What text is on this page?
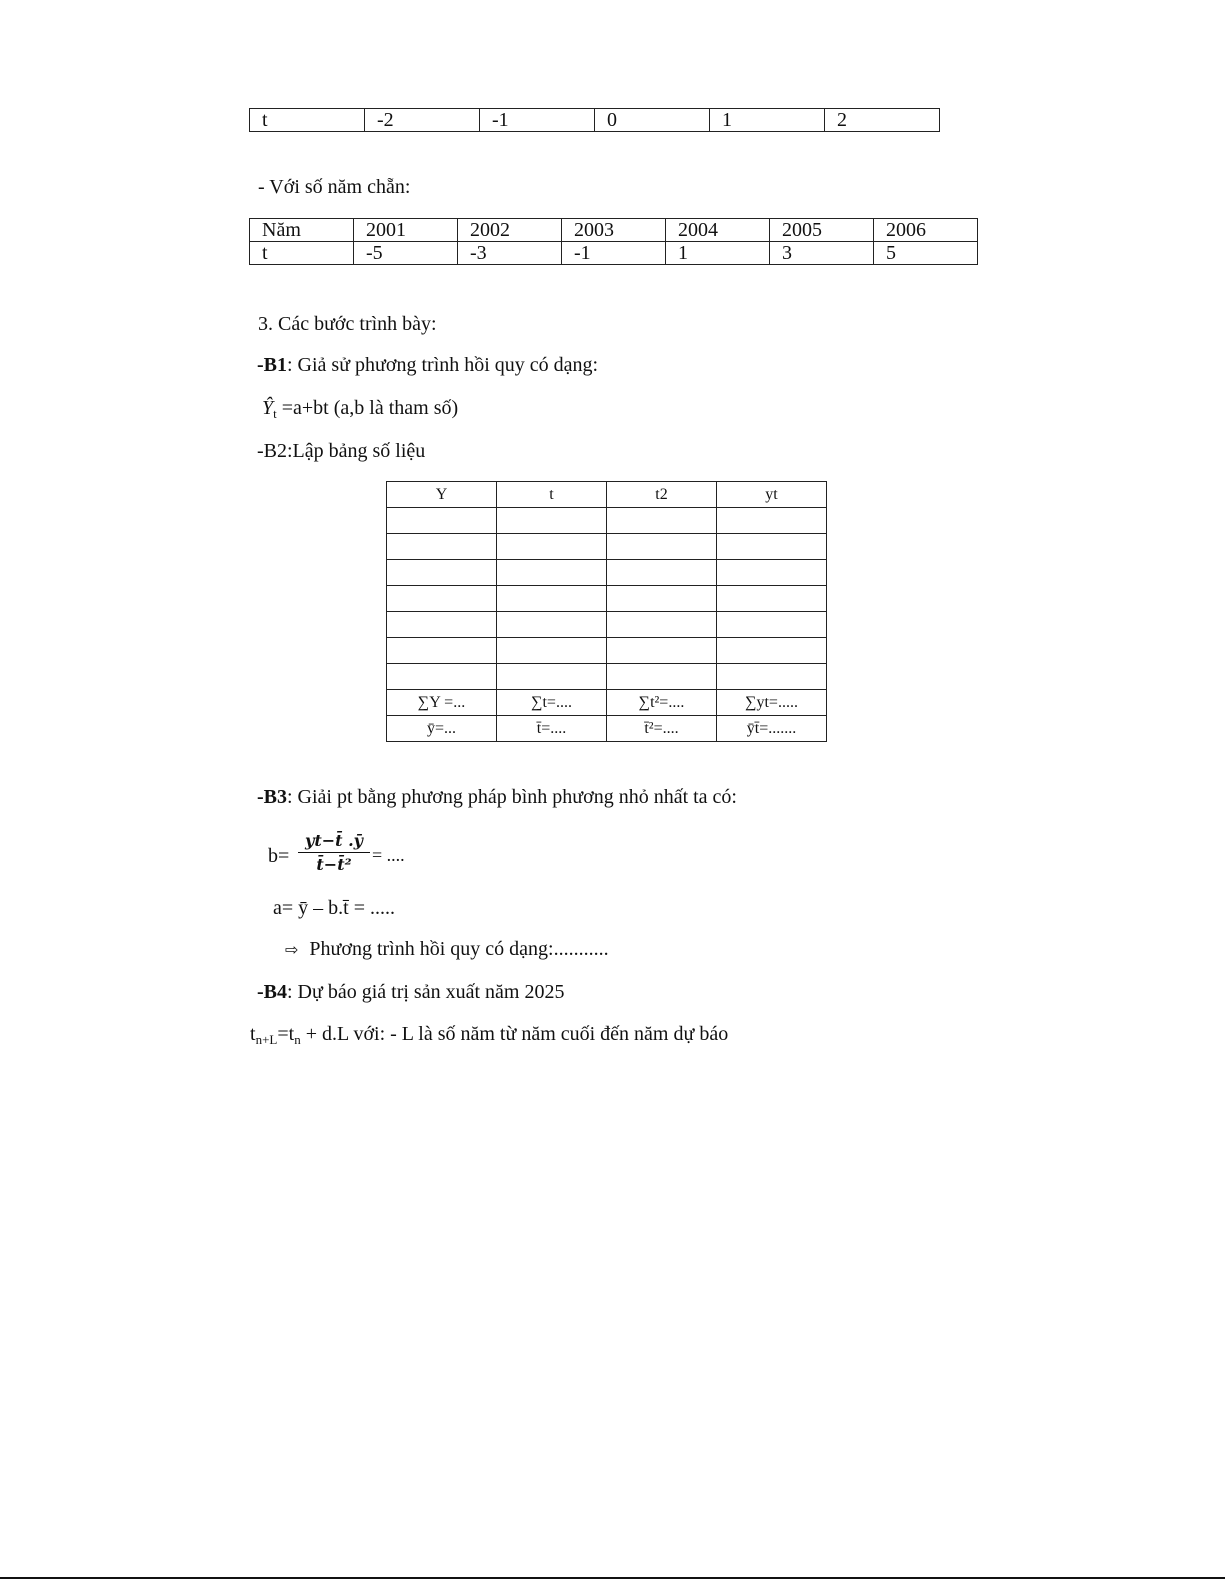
t	-2	-1	0	1	2
- Với số năm chẵn:
Năm	2001	2002	2003	2004	2005	2006
t	-5	-3	-1	1	3	5
3. Các bước trình bày:
-B1: Giả sử phương trình hồi quy có dạng:
$Ŷ_t =a+bt$ (a,b là tham số)
-B2:Lập bảng số liệu
Y	t	t2	yt

∑Y =...	∑t=....	∑t²=....	∑yt=.....
ȳ=...	t̄=....	t̄²=....	ȳt̄=.......
-B3: Giải pt bằng phương pháp bình phương nhỏ nhất ta có:
$b= \frac{yt-t̄ .ȳ}{\text{t̄−t̄²}}$ = ....
a= ȳ – b.t̄ = .....
⇨ Phương trình hồi quy có dạng:...........
-B4: Dự báo giá trị sản xuất năm 2025
$t_{n+L}=t_n + d.L$ với: - L là số năm từ năm cuối đến năm dự báo
